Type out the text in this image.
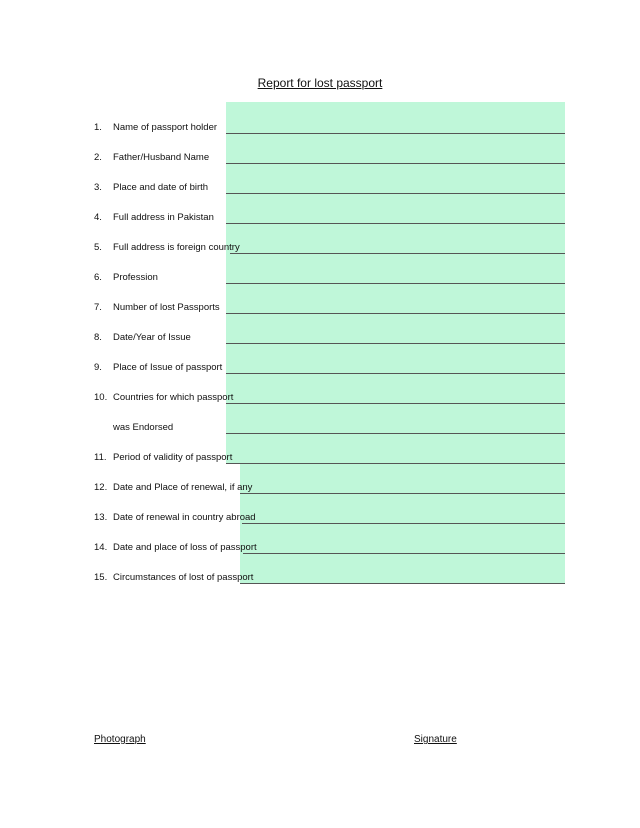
Report for lost passport
1.	Name of passport holder
2.	Father/Husband Name
3.	Place and date of birth
4.	Full address in Pakistan
5.	Full address is foreign country
6.	Profession
7.	Number of lost Passports
8.	Date/Year of Issue
9.	Place of Issue of passport
10. Countries for which passport
was Endorsed
11. Period of validity of passport
12. Date and Place of renewal, if any
13. Date of renewal in country abroad
14. Date and place of loss of passport
15. Circumstances of lost of passport
Photograph	Signature
